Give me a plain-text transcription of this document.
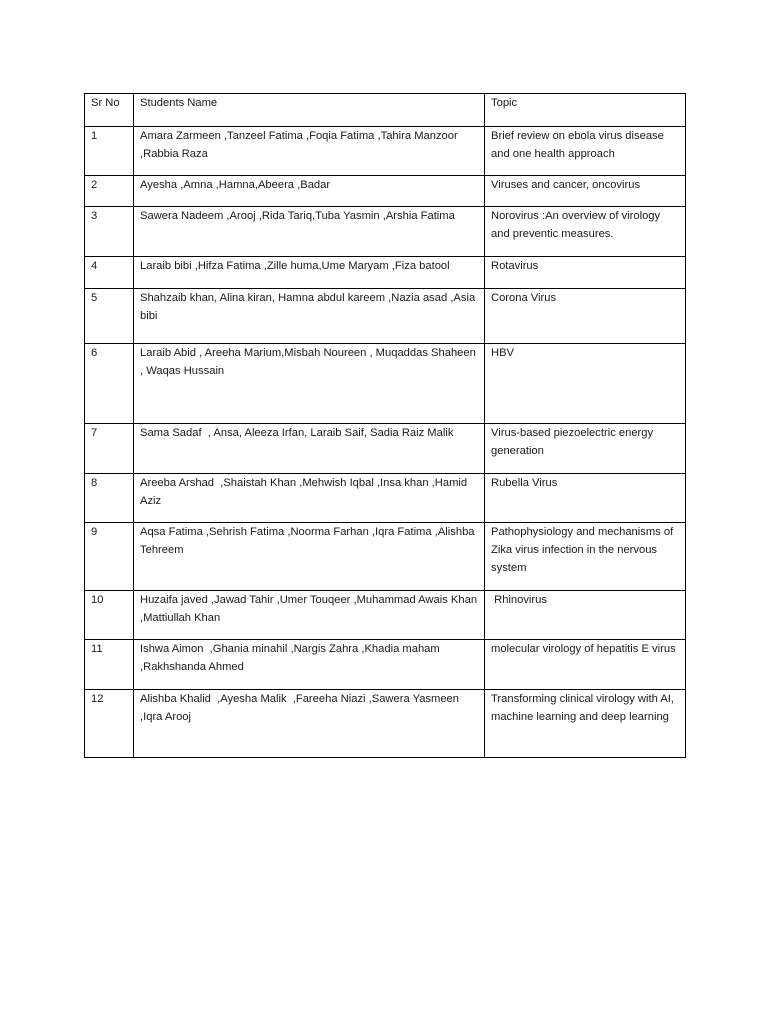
Sr No	Students Name	Topic
1	Amara Zarmeen ,Tanzeel Fatima ,Foqia Fatima ,Tahira Manzoor  ,Rabbia Raza	Brief review on ebola virus disease and one health approach
2	Ayesha ,Amna ,Hamna,Abeera ,Badar	Viruses and cancer, oncovirus
3	Sawera Nadeem ,Arooj ,Rida Tariq,Tuba Yasmin ,Arshia Fatima	Norovirus :An overview of virology and preventic measures.
4	Laraib bibi ,Hifza Fatima ,Zille huma,Ume Maryam ,Fiza batool	Rotavirus
5	Shahzaib khan, Alina kiran, Hamna abdul kareem ,Nazia asad ,Asia bibi	Corona Virus
6	Laraib Abid , Areeha Marium,Misbah Noureen , Muqaddas Shaheen , Waqas Hussain	HBV
7	Sama Sadaf  , Ansa, Aleeza Irfan, Laraib Saif, Sadia Raiz Malik	Virus-based piezoelectric energy generation
8	Areeba Arshad  ,Shaistah Khan ,Mehwish Iqbal ,Insa khan ,Hamid Aziz	Rubella Virus
9	Aqsa Fatima ,Sehrish Fatima ,Noorma Farhan ,Iqra Fatima ,Alishba Tehreem	Pathophysiology and mechanisms of Zika virus infection in the nervous system
10	Huzaifa javed ,Jawad Tahir ,Umer Touqeer ,Muhammad Awais Khan ,Mattiullah Khan	Rhinovirus
11	Ishwa Aimon  ,Ghania minahil ,Nargis Zahra ,Khadia maham ,Rakhshanda Ahmed	molecular virology of hepatitis E virus
12	Alishba Khalid  ,Ayesha Malik  ,Fareeha Niazi ,Sawera Yasmeen  ,Iqra Arooj	Transforming clinical virology with AI, machine learning and deep learning
